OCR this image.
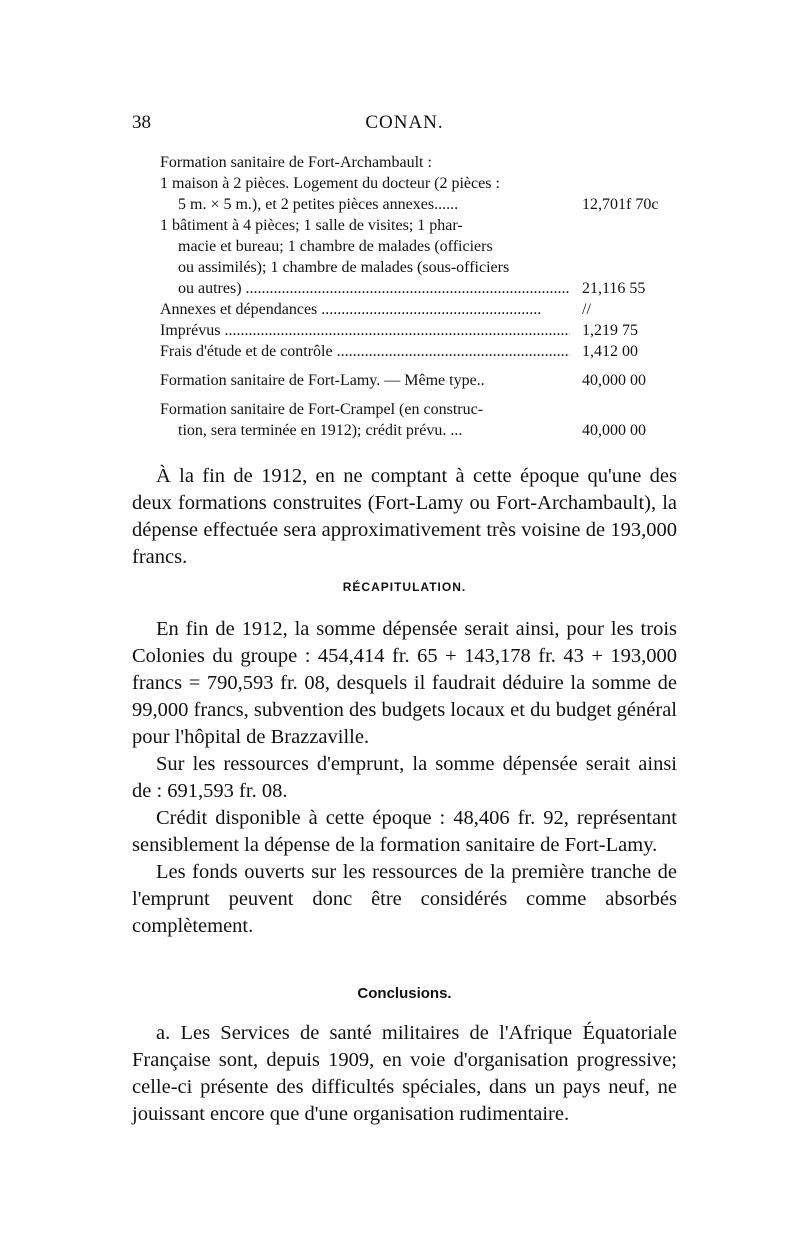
38	CONAN.
Formation sanitaire de Fort-Archambault :
1 maison à 2 pièces. Logement du docteur (2 pièces :
5 m. × 5 m.), et 2 petites pièces annexes......	12,701f 70c
1 bâtiment à 4 pièces; 1 salle de visites; 1 phar-
macie et bureau; 1 chambre de malades (officiers
ou assimilés); 1 chambre de malades (sous-officiers
ou autres) .....	21,116 55
Annexes et dépendances .....	//
Imprévus .....	1,219 75
Frais d'étude et de contrôle .....	1,412 00
Formation sanitaire de Fort-Lamy. — Même type..	40,000 00
Formation sanitaire de Fort-Crampel (en construc-
tion, sera terminée en 1912); crédit prévu. ...	40,000 00

À la fin de 1912, en ne comptant à cette époque qu'une des deux formations construites (Fort-Lamy ou Fort-Archambault), la dépense effectuée sera approximativement très voisine de 193,000 francs.

RÉCAPITULATION.

En fin de 1912, la somme dépensée serait ainsi, pour les trois Colonies du groupe : 454,414 fr. 65 + 143,178 fr. 43 + 193,000 francs = 790,593 fr. 08, desquels il faudrait déduire la somme de 99,000 francs, subvention des budgets locaux et du budget général pour l'hôpital de Brazzaville.

Sur les ressources d'emprunt, la somme dépensée serait ainsi de : 691,593 fr. 08.

Crédit disponible à cette époque : 48,406 fr. 92, représentant sensiblement la dépense de la formation sanitaire de Fort-Lamy.

Les fonds ouverts sur les ressources de la première tranche de l'emprunt peuvent donc être considérés comme absorbés complètement.

Conclusions.

a. Les Services de santé militaires de l'Afrique Équatoriale Française sont, depuis 1909, en voie d'organisation progressive; celle-ci présente des difficultés spéciales, dans un pays neuf, ne jouissant encore que d'une organisation rudimentaire.
